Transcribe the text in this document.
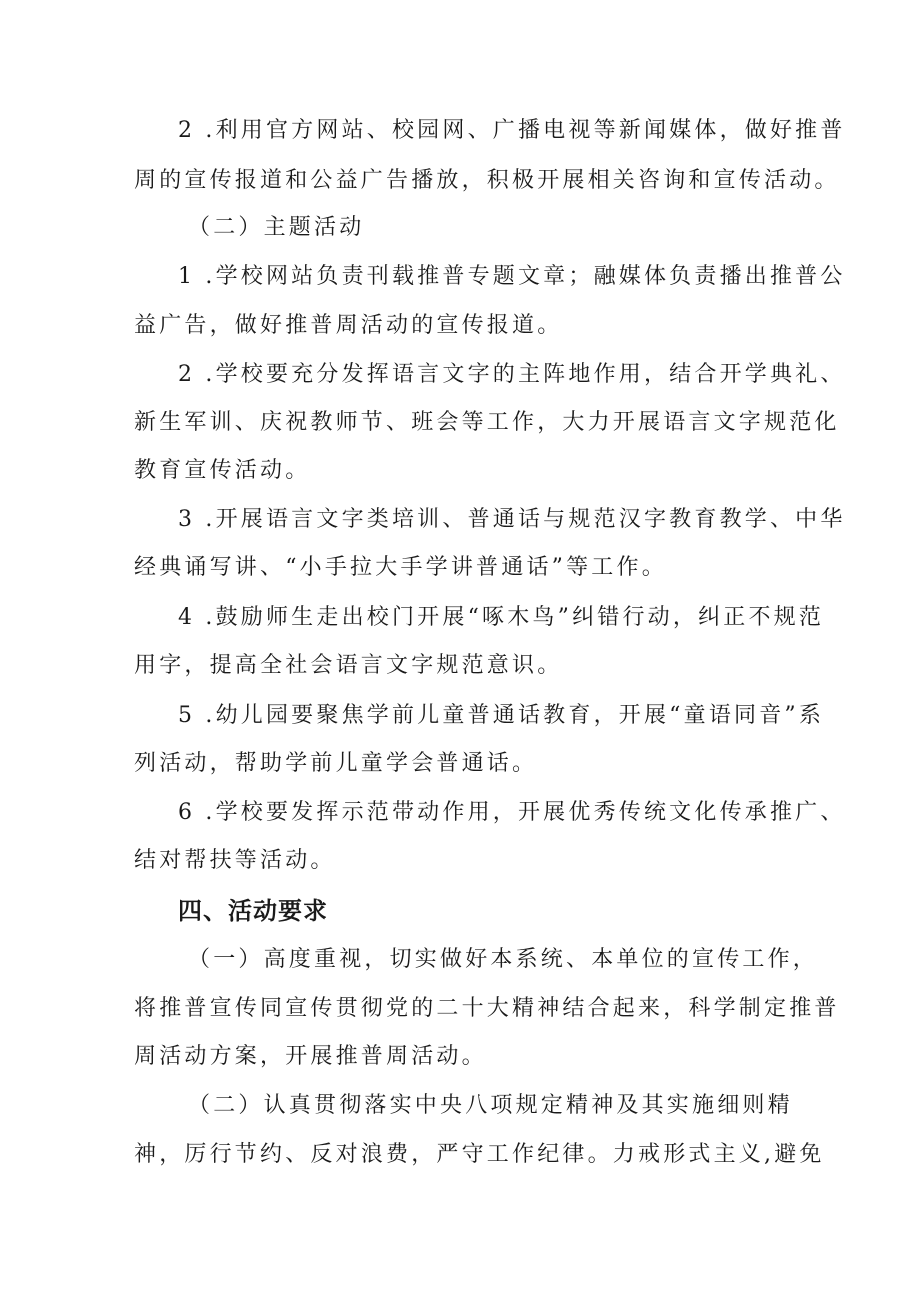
2 .利用官方网站、校园网、广播电视等新闻媒体，做好推普
周的宣传报道和公益广告播放，积极开展相关咨询和宣传活动。
（二）主题活动
1 .学校网站负责刊载推普专题文章；融媒体负责播出推普公
益广告，做好推普周活动的宣传报道。
2 .学校要充分发挥语言文字的主阵地作用，结合开学典礼、
新生军训、庆祝教师节、班会等工作，大力开展语言文字规范化
教育宣传活动。
3 .开展语言文字类培训、普通话与规范汉字教育教学、中华
经典诵写讲、“小手拉大手学讲普通话”等工作。
4 .鼓励师生走出校门开展“啄木鸟”纠错行动，纠正不规范
用字，提高全社会语言文字规范意识。
5 .幼儿园要聚焦学前儿童普通话教育，开展“童语同音”系
列活动，帮助学前儿童学会普通话。
6 .学校要发挥示范带动作用，开展优秀传统文化传承推广、
结对帮扶等活动。
四、活动要求
（一）高度重视，切实做好本系统、本单位的宣传工作，
将推普宣传同宣传贯彻党的二十大精神结合起来，科学制定推普
周活动方案，开展推普周活动。
（二）认真贯彻落实中央八项规定精神及其实施细则精
神，厉行节约、反对浪费，严守工作纪律。力戒形式主义,避免
